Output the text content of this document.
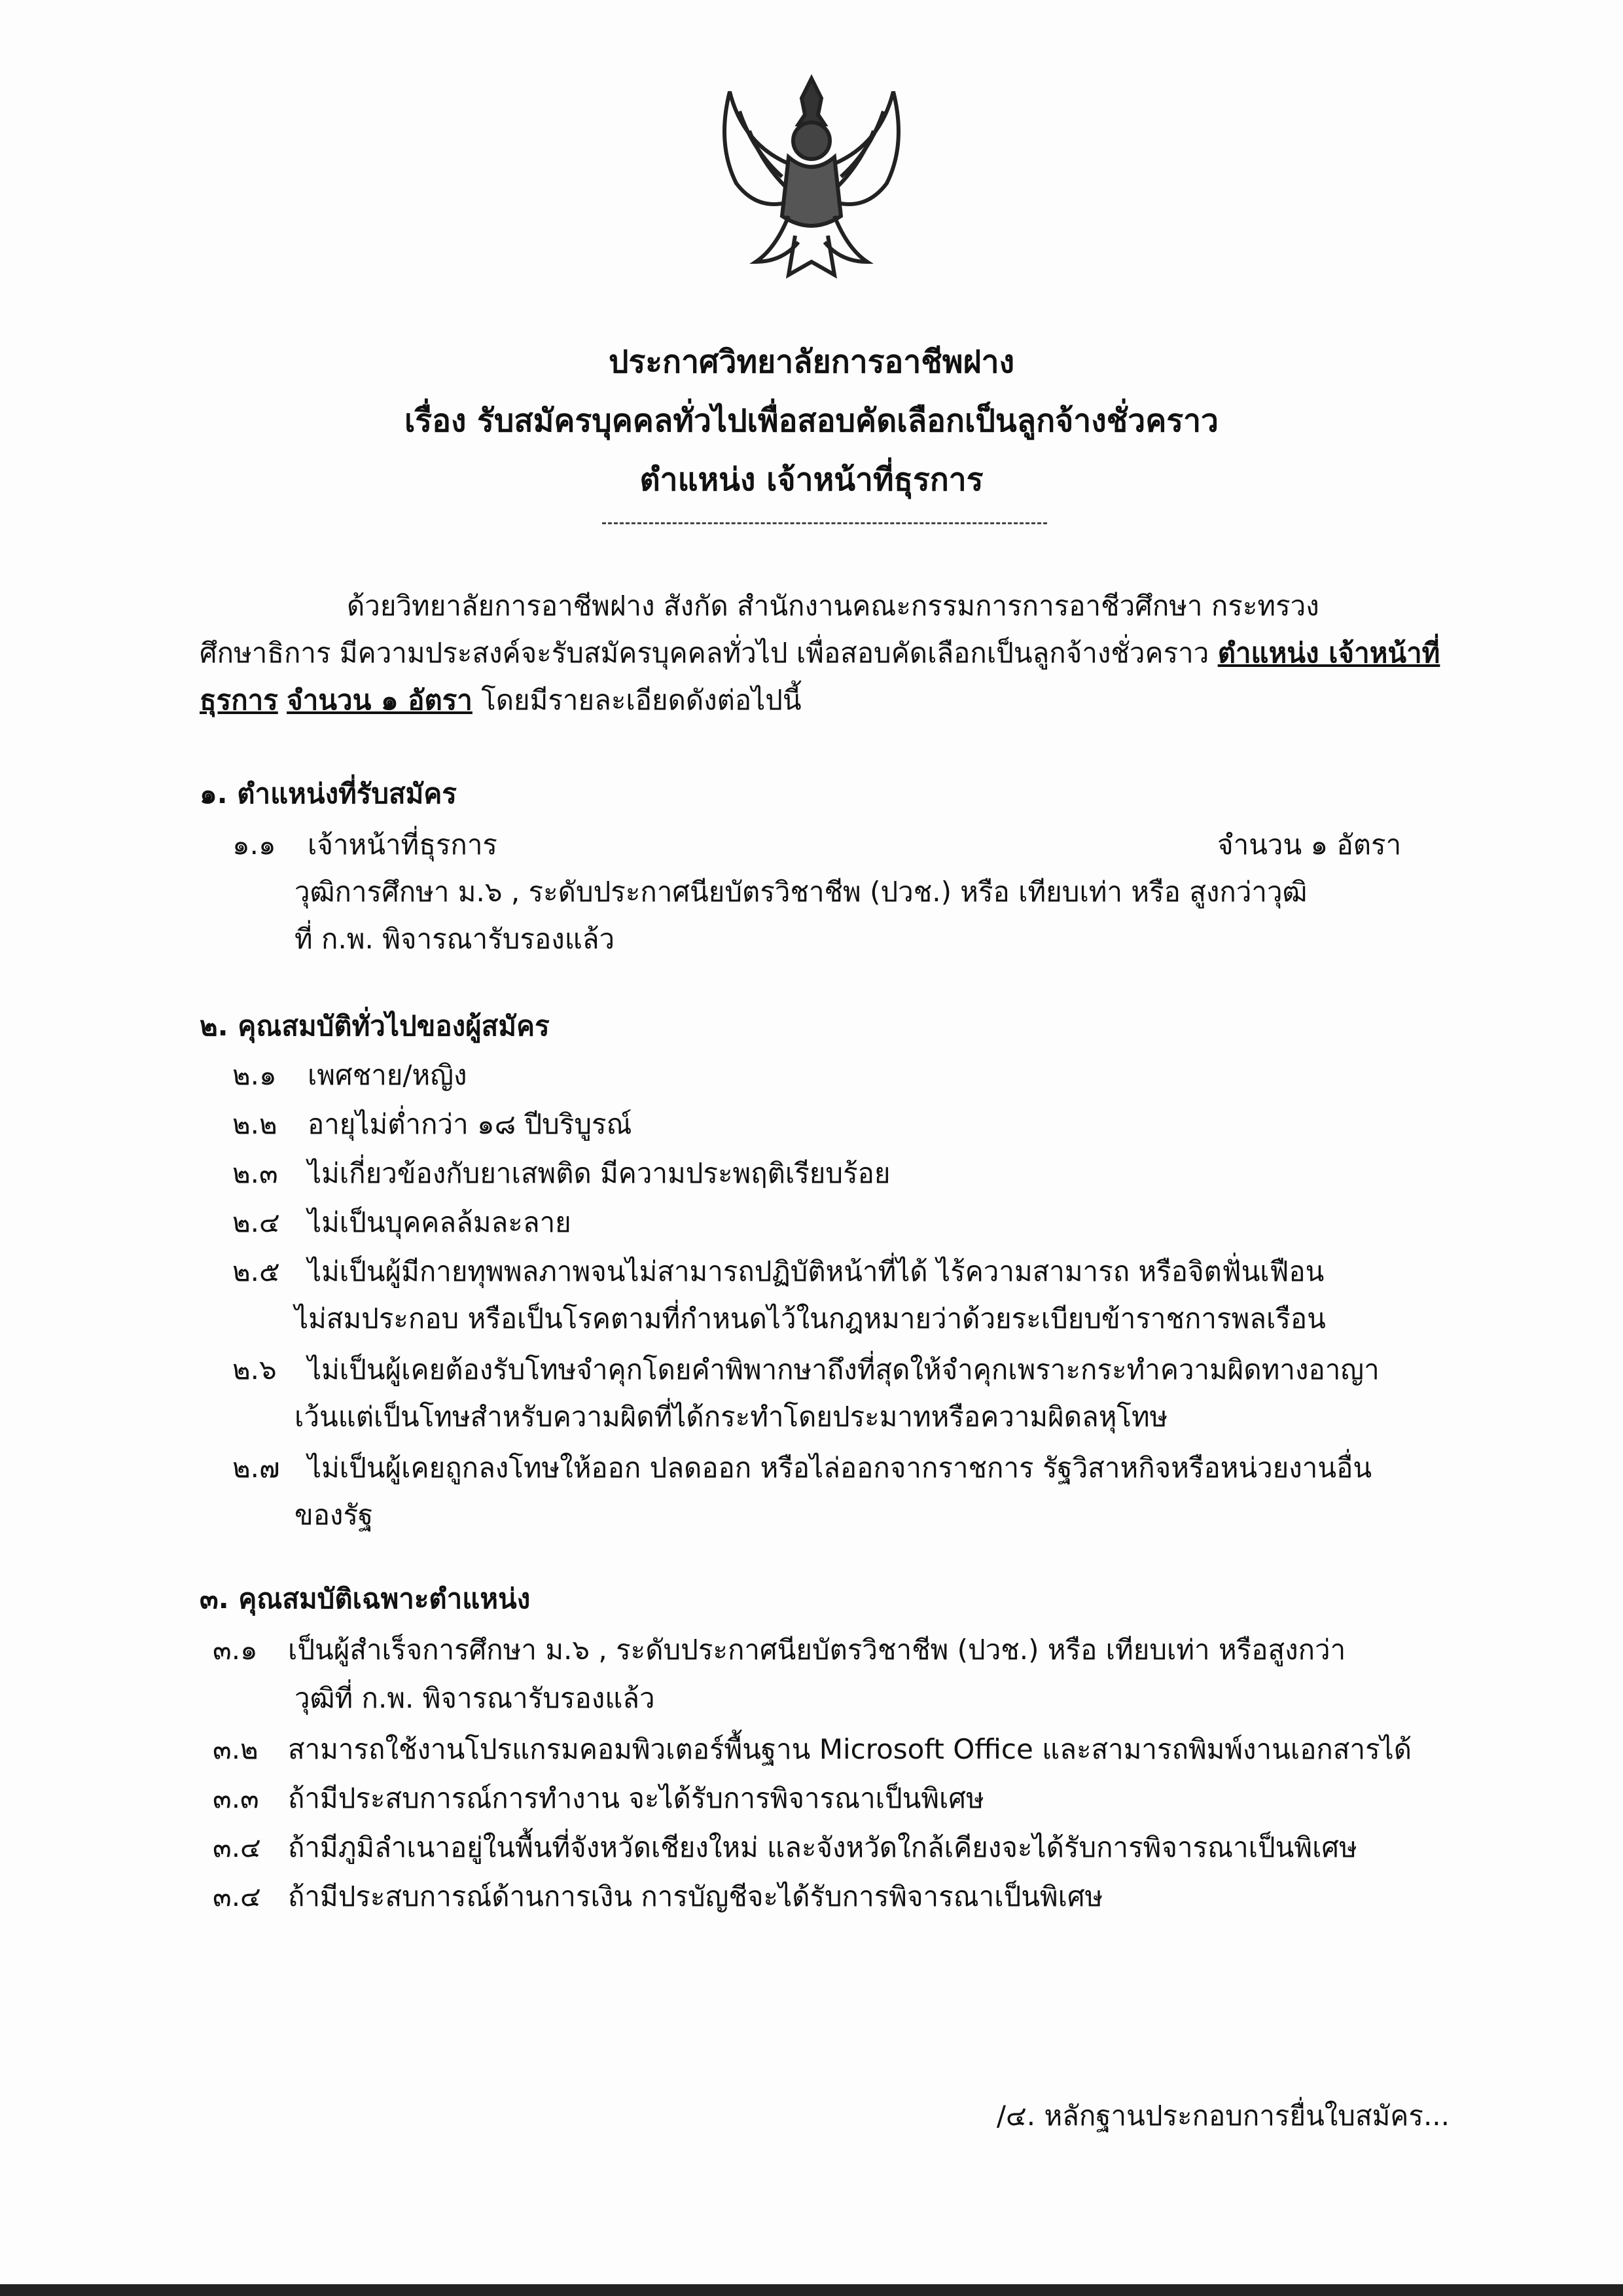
ประกาศวิทยาลัยการอาชีพฝาง
เรื่อง รับสมัครบุคคลทั่วไปเพื่อสอบคัดเลือกเป็นลูกจ้างชั่วคราว
ตำแหน่ง เจ้าหน้าที่ธุรการ
ด้วยวิทยาลัยการอาชีพฝาง สังกัด สำนักงานคณะกรรมการการอาชีวศึกษา กระทรวงศึกษาธิการ มีความประสงค์จะรับสมัครบุคคลทั่วไป เพื่อสอบคัดเลือกเป็นลูกจ้างชั่วคราว ตำแหน่ง เจ้าหน้าที่ธุรการ จำนวน ๑ อัตรา โดยมีรายละเอียดดังต่อไปนี้
๑. ตำแหน่งที่รับสมัคร
๑.๑ เจ้าหน้าที่ธุรการ	จำนวน ๑ อัตรา
วุฒิการศึกษา ม.๖ , ระดับประกาศนียบัตรวิชาชีพ (ปวช.) หรือ เทียบเท่า หรือ สูงกว่าวุฒิ
ที่ ก.พ. พิจารณารับรองแล้ว
๒. คุณสมบัติทั่วไปของผู้สมัคร
๒.๑ เพศชาย/หญิง
๒.๒ อายุไม่ต่ำกว่า ๑๘ ปีบริบูรณ์
๒.๓ ไม่เกี่ยวข้องกับยาเสพติด มีความประพฤติเรียบร้อย
๒.๔ ไม่เป็นบุคคลล้มละลาย
๒.๕ ไม่เป็นผู้มีกายทุพพลภาพจนไม่สามารถปฏิบัติหน้าที่ได้ ไร้ความสามารถ หรือจิตฟั่นเฟือน
ไม่สมประกอบ หรือเป็นโรคตามที่กำหนดไว้ในกฎหมายว่าด้วยระเบียบข้าราชการพลเรือน
๒.๖ ไม่เป็นผู้เคยต้องรับโทษจำคุกโดยคำพิพากษาถึงที่สุดให้จำคุกเพราะกระทำความผิดทางอาญา
เว้นแต่เป็นโทษสำหรับความผิดที่ได้กระทำโดยประมาทหรือความผิดลหุโทษ
๒.๗ ไม่เป็นผู้เคยถูกลงโทษให้ออก ปลดออก หรือไล่ออกจากราชการ รัฐวิสาหกิจหรือหน่วยงานอื่น
ของรัฐ
๓. คุณสมบัติเฉพาะตำแหน่ง
๓.๑ เป็นผู้สำเร็จการศึกษา ม.๖ , ระดับประกาศนียบัตรวิชาชีพ (ปวช.) หรือ เทียบเท่า หรือสูงกว่า
วุฒิที่ ก.พ. พิจารณารับรองแล้ว
๓.๒ สามารถใช้งานโปรแกรมคอมพิวเตอร์พื้นฐาน Microsoft Office และสามารถพิมพ์งานเอกสารได้
๓.๓ ถ้ามีประสบการณ์การทำงาน จะได้รับการพิจารณาเป็นพิเศษ
๓.๔ ถ้ามีภูมิลำเนาอยู่ในพื้นที่จังหวัดเชียงใหม่ และจังหวัดใกล้เคียงจะได้รับการพิจารณาเป็นพิเศษ
๓.๔ ถ้ามีประสบการณ์ด้านการเงิน การบัญชีจะได้รับการพิจารณาเป็นพิเศษ
/๔. หลักฐานประกอบการยื่นใบสมัคร...
